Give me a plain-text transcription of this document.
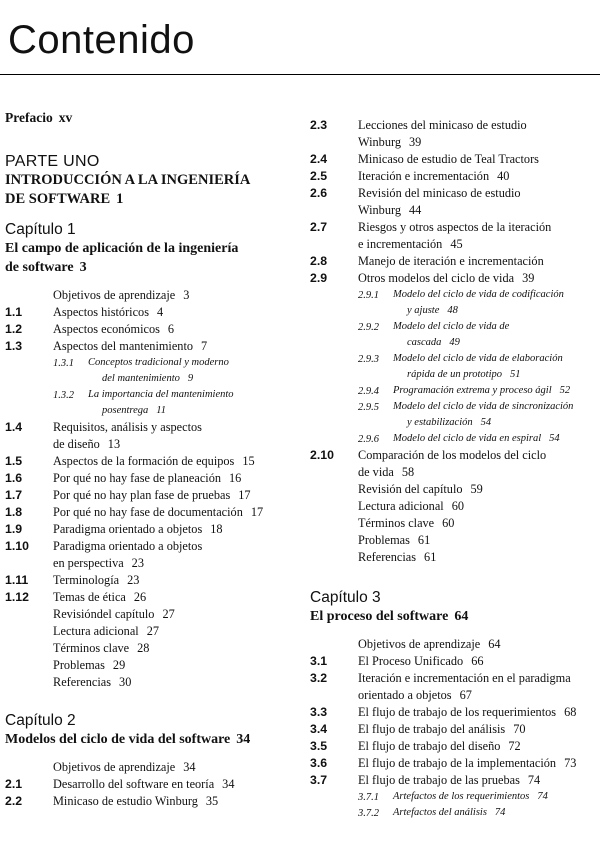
Contenido
Prefacio xv
PARTE UNO
INTRODUCCIÓN A LA INGENIERÍA
DE SOFTWARE 1
Capítulo 1
El campo de aplicación de la ingeniería
de software 3
Objetivos de aprendizaje 3
1.1	Aspectos históricos 4
1.2	Aspectos económicos 6
1.3	Aspectos del mantenimiento 7
1.3.1	Conceptos tradicional y moderno
del mantenimiento 9
1.3.2	La importancia del mantenimiento
posentrega 11
1.4	Requisitos, análisis y aspectos
de diseño 13
1.5	Aspectos de la formación de equipos 15
1.6	Por qué no hay fase de planeación 16
1.7	Por qué no hay plan fase de pruebas 17
1.8	Por qué no hay fase de documentación 17
1.9	Paradigma orientado a objetos 18
1.10	Paradigma orientado a objetos
en perspectiva 23
1.11	Terminología 23
1.12	Temas de ética 26
Revisióndel capítulo 27
Lectura adicional 27
Términos clave 28
Problemas 29
Referencias 30
Capítulo 2
Modelos del ciclo de vida del software 34
Objetivos de aprendizaje 34
2.1	Desarrollo del software en teoría 34
2.2	Minicaso de estudio Winburg 35
2.3	Lecciones del minicaso de estudio
Winburg 39
2.4	Minicaso de estudio de Teal Tractors
2.5	Iteración e incrementación 40
2.6	Revisión del minicaso de estudio
Winburg 44
2.7	Riesgos y otros aspectos de la iteración
e incrementación 45
2.8	Manejo de iteración e incrementación
2.9	Otros modelos del ciclo de vida 39
2.9.1	Modelo del ciclo de vida de codificación
y ajuste 48
2.9.2	Modelo del ciclo de vida de
cascada 49
2.9.3	Modelo del ciclo de vida de elaboración
rápida de un prototipo 51
2.9.4	Programación extrema y proceso ágil 52
2.9.5	Modelo del ciclo de vida de sincronización
y estabilización 54
2.9.6	Modelo del ciclo de vida en espiral 54
2.10	Comparación de los modelos del ciclo
de vida 58
Revisión del capítulo 59
Lectura adicional 60
Términos clave 60
Problemas 61
Referencias 61
Capítulo 3
El proceso del software 64
Objetivos de aprendizaje 64
3.1	El Proceso Unificado 66
3.2	Iteración e incrementación en el paradigma
orientado a objetos 67
3.3	El flujo de trabajo de los requerimientos 68
3.4	El flujo de trabajo del análisis 70
3.5	El flujo de trabajo del diseño 72
3.6	El flujo de trabajo de la implementación 73
3.7	El flujo de trabajo de las pruebas 74
3.7.1	Artefactos de los requerimientos 74
3.7.2	Artefactos del análisis 74
